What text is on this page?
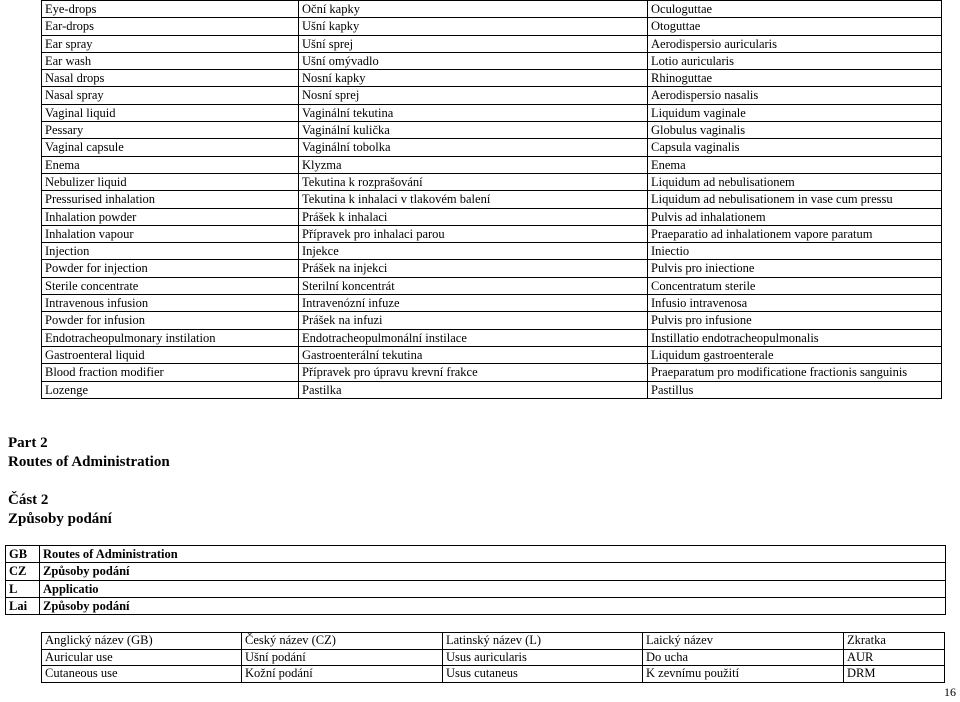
Eye-drops	Oční kapky	Oculoguttae
Ear-drops	Ušní kapky	Otoguttae
Ear spray	Ušní sprej	Aerodispersio auricularis
Ear wash	Ušní omývadlo	Lotio auricularis
Nasal drops	Nosní kapky	Rhinoguttae
Nasal spray	Nosní sprej	Aerodispersio nasalis
Vaginal liquid	Vaginální tekutina	Liquidum vaginale
Pessary	Vaginální kulička	Globulus vaginalis
Vaginal capsule	Vaginální tobolka	Capsula vaginalis
Enema	Klyzma	Enema
Nebulizer liquid	Tekutina k rozprašování	Liquidum ad nebulisationem
Pressurised inhalation	Tekutina k inhalaci v tlakovém balení	Liquidum ad nebulisationem in vase cum pressu
Inhalation powder	Prášek k inhalaci	Pulvis ad inhalationem
Inhalation vapour	Přípravek pro inhalaci parou	Praeparatio ad inhalationem vapore paratum
Injection	Injekce	Iniectio
Powder for injection	Prášek na injekci	Pulvis pro iniectione
Sterile concentrate	Sterilní koncentrát	Concentratum sterile
Intravenous infusion	Intravenózní infuze	Infusio intravenosa
Powder for infusion	Prášek na infuzi	Pulvis pro infusione
Endotracheopulmonary instilation	Endotracheopulmonální instilace	Instillatio endotracheopulmonalis
Gastroenteral liquid	Gastroenterální tekutina	Liquidum gastroenterale
Blood fraction modifier	Přípravek pro úpravu krevní frakce	Praeparatum pro modificatione fractionis sanguinis
Lozenge	Pastilka	Pastillus

Part 2

Routes of Administration

Část 2

Způsoby podání

GB	Routes of Administration
CZ	Způsoby podání
L	Applicatio
Lai	Způsoby podání
Anglický název (GB)	Český název (CZ)	Latinský název (L)	Laický název	Zkratka
Auricular use	Ušní podání	Usus auricularis	Do ucha	AUR
Cutaneous use	Kožní podání	Usus cutaneus	K zevnímu použití	DRM
16
